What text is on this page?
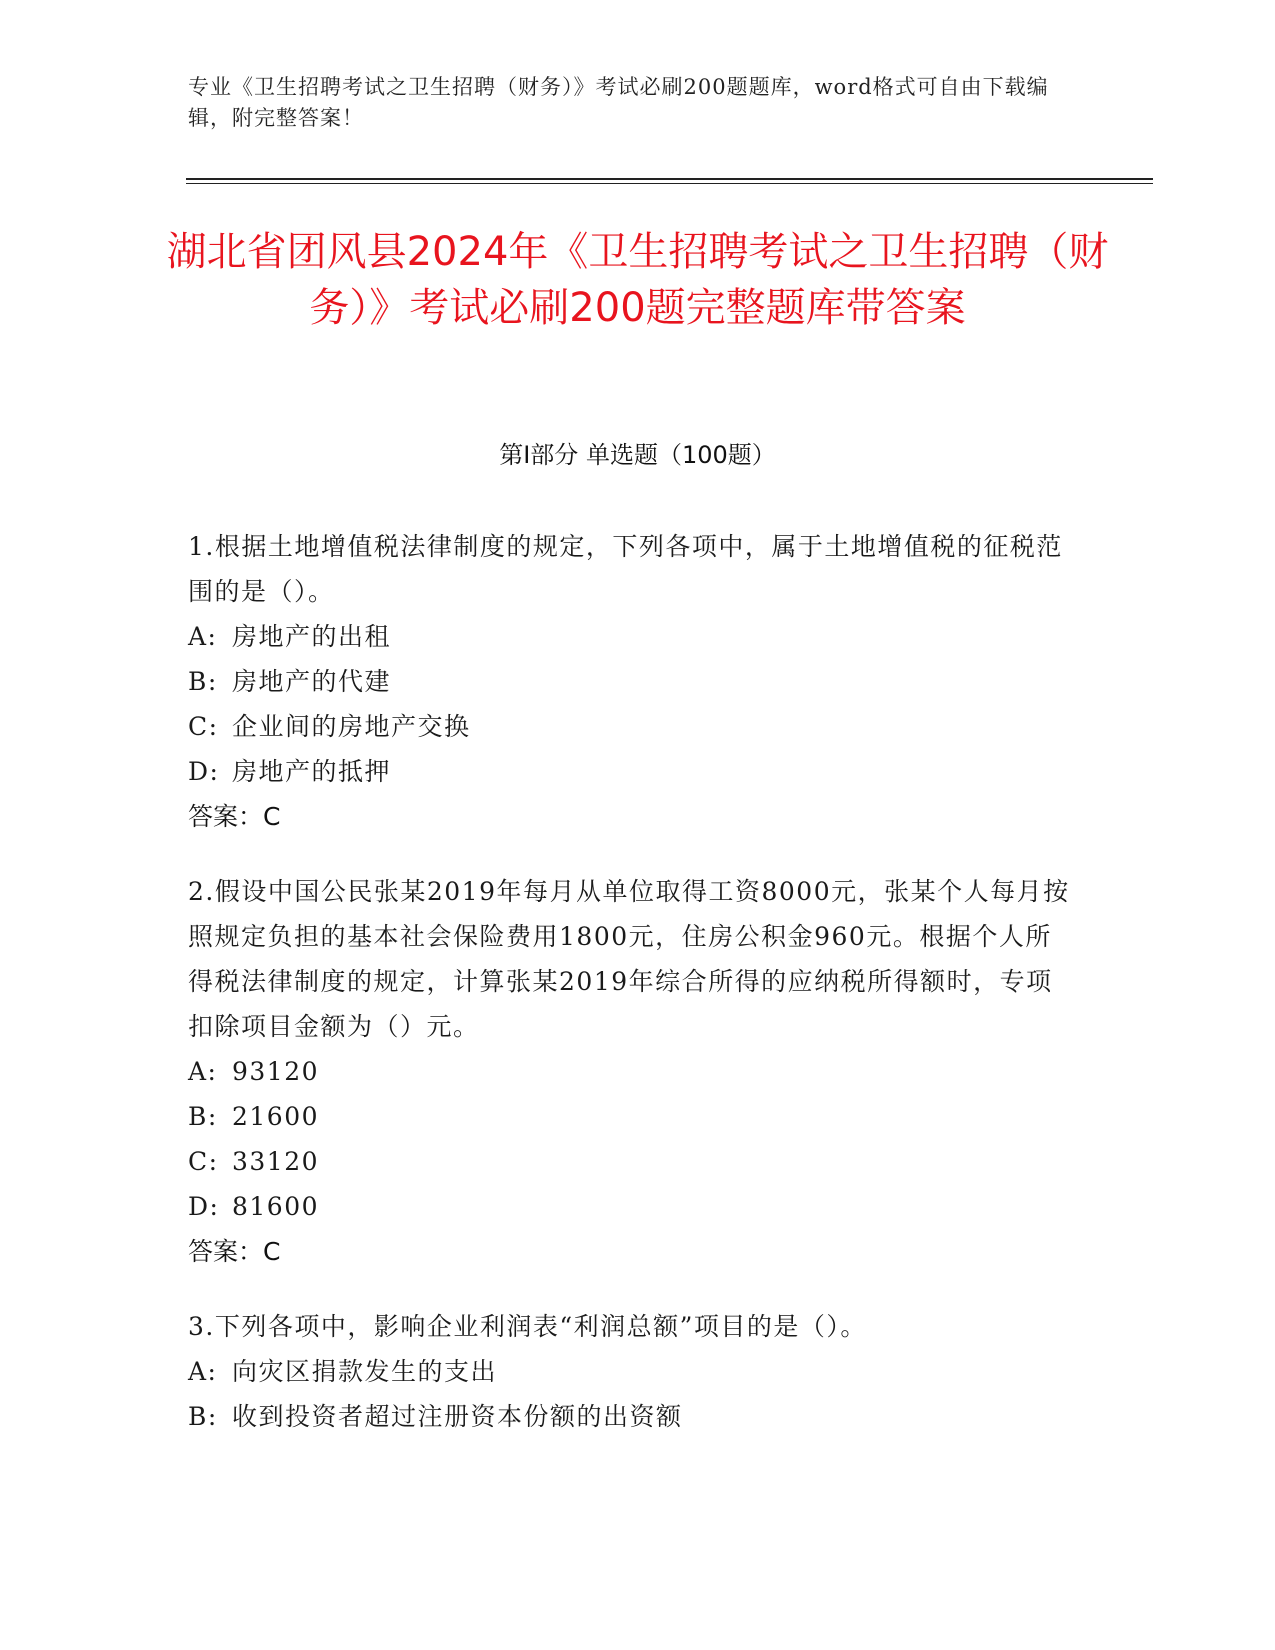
专业《卫生招聘考试之卫生招聘（财务）》考试必刷200题题库，word格式可自由下载编辑，附完整答案！
湖北省团风县2024年《卫生招聘考试之卫生招聘（财务）》考试必刷200题完整题库带答案
第I部分 单选题（100题）
1.根据土地增值税法律制度的规定，下列各项中，属于土地增值税的征税范围的是（）。
A: 房地产的出租
B: 房地产的代建
C: 企业间的房地产交换
D: 房地产的抵押
答案：C
2.假设中国公民张某2019年每月从单位取得工资8000元，张某个人每月按照规定负担的基本社会保险费用1800元，住房公积金960元。根据个人所得税法律制度的规定，计算张某2019年综合所得的应纳税所得额时，专项扣除项目金额为（）元。
A: 93120
B: 21600
C: 33120
D: 81600
答案：C
3.下列各项中，影响企业利润表“利润总额”项目的是（）。
A: 向灾区捐款发生的支出
B: 收到投资者超过注册资本份额的出资额
